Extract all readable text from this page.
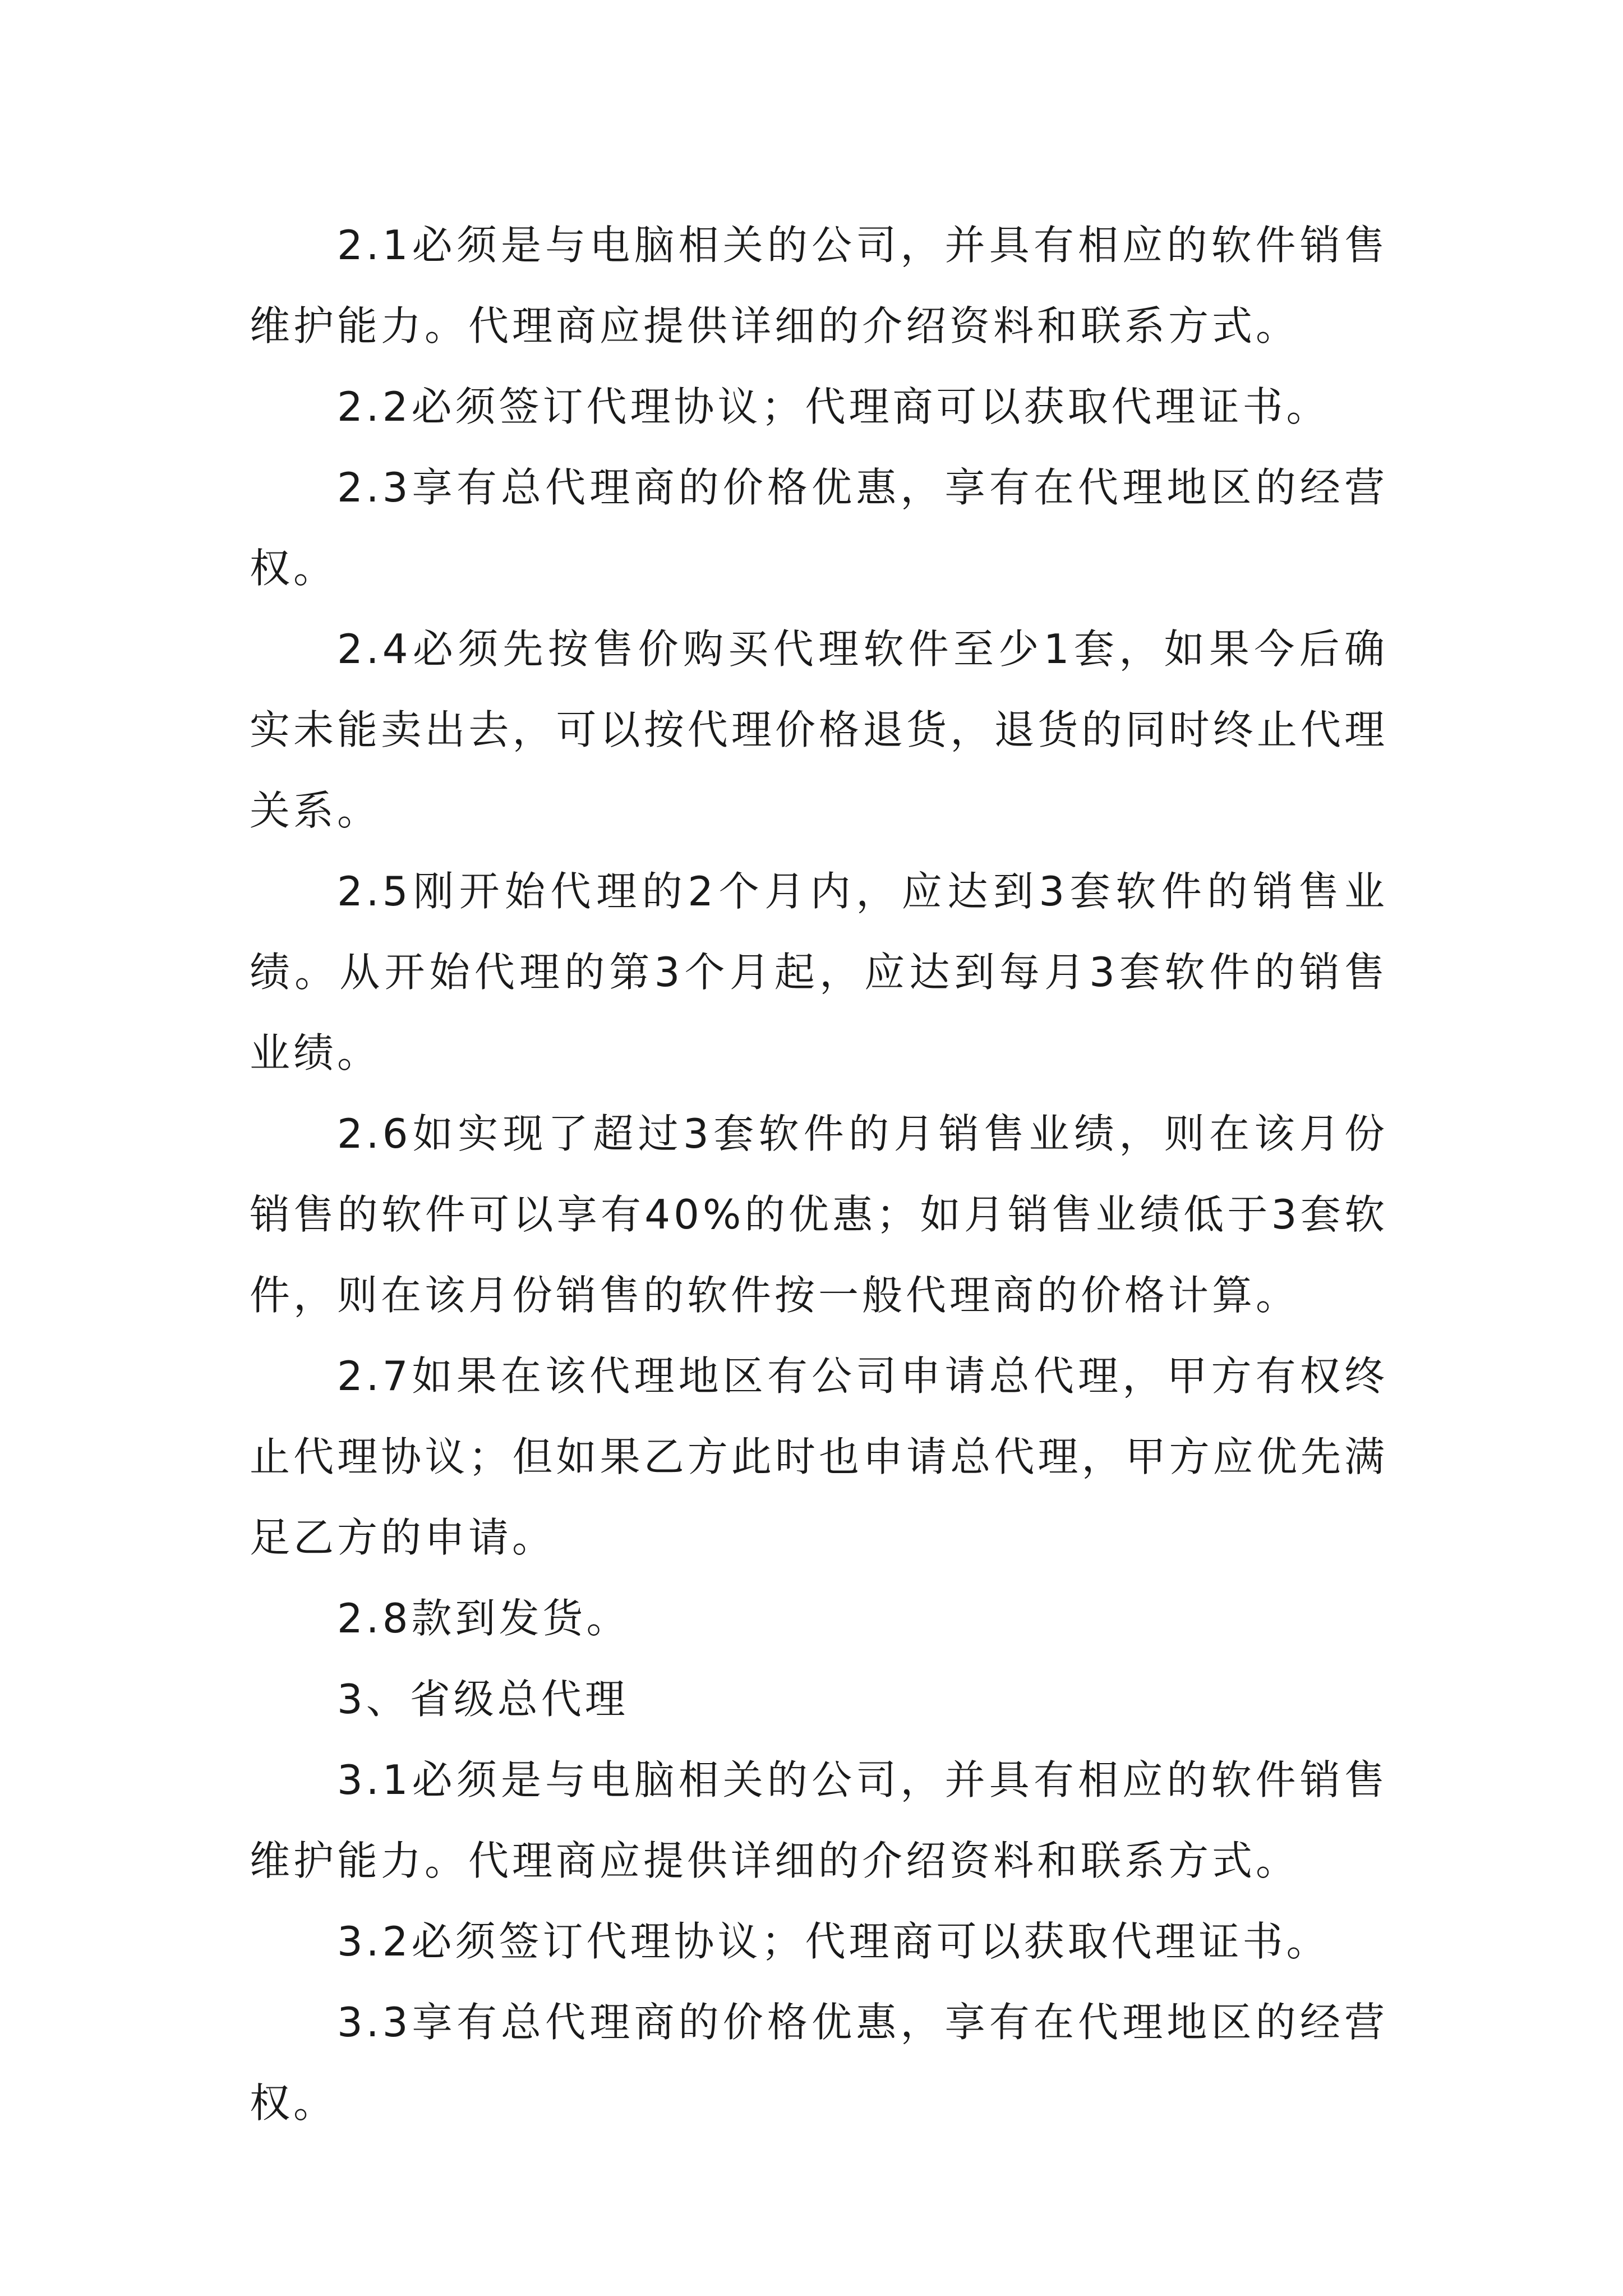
2.1必须是与电脑相关的公司，并具有相应的软件销售维护能力。代理商应提供详细的介绍资料和联系方式。

2.2必须签订代理协议；代理商可以获取代理证书。

2.3享有总代理商的价格优惠，享有在代理地区的经营权。

2.4必须先按售价购买代理软件至少1套，如果今后确实未能卖出去，可以按代理价格退货，退货的同时终止代理关系。

2.5刚开始代理的2个月内，应达到3套软件的销售业绩。从开始代理的第3个月起，应达到每月3套软件的销售业绩。

2.6如实现了超过3套软件的月销售业绩，则在该月份销售的软件可以享有40%的优惠；如月销售业绩低于3套软件，则在该月份销售的软件按一般代理商的价格计算。

2.7如果在该代理地区有公司申请总代理，甲方有权终止代理协议；但如果乙方此时也申请总代理，甲方应优先满足乙方的申请。

2.8款到发货。

3、省级总代理

3.1必须是与电脑相关的公司，并具有相应的软件销售维护能力。代理商应提供详细的介绍资料和联系方式。

3.2必须签订代理协议；代理商可以获取代理证书。

3.3享有总代理商的价格优惠，享有在代理地区的经营权。
